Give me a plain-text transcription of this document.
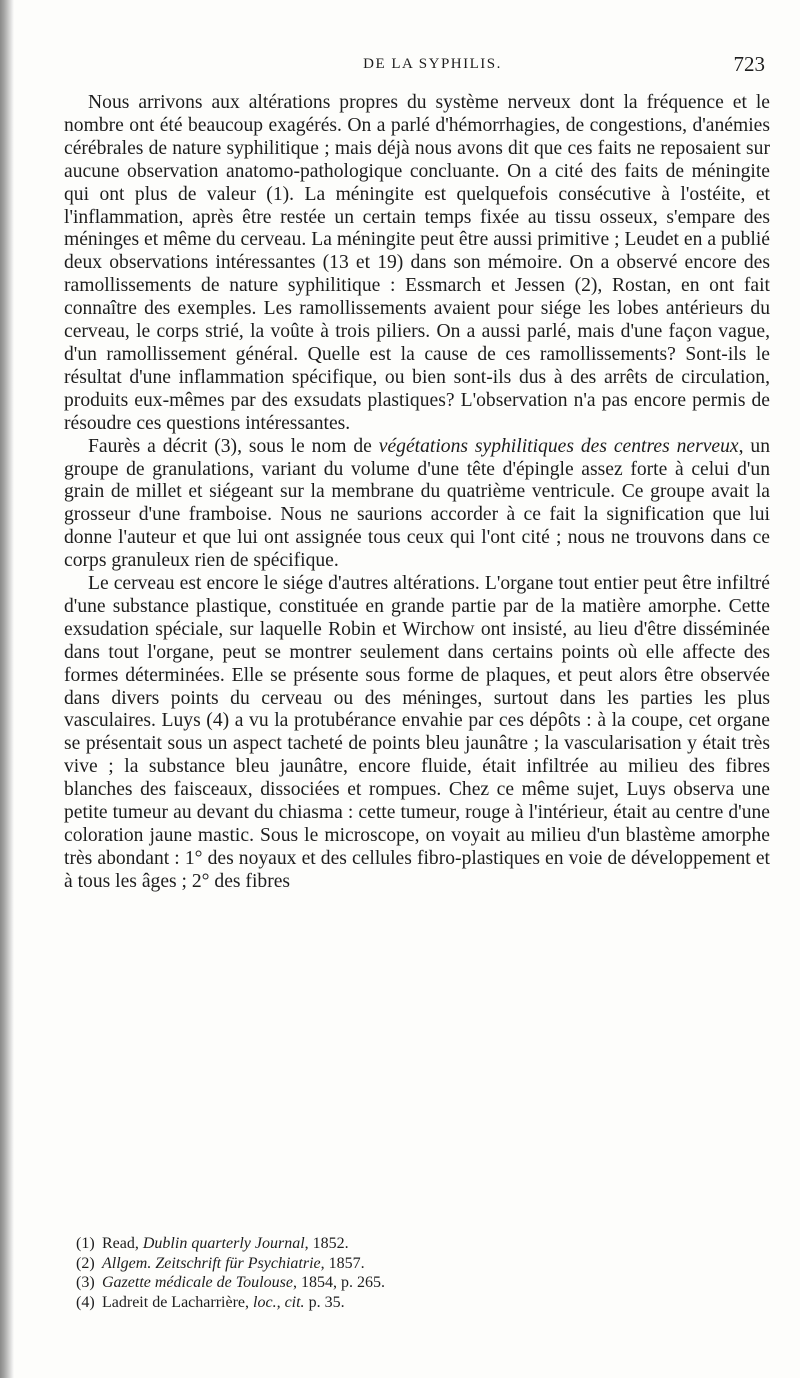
DE LA SYPHILIS.	723

Nous arrivons aux altérations propres du système nerveux dont la fréquence et le nombre ont été beaucoup exagérés. On a parlé d'hémorrhagies, de congestions, d'anémies cérébrales de nature syphilitique ; mais déjà nous avons dit que ces faits ne reposaient sur aucune observation anatomo-pathologique concluante. On a cité des faits de méningite qui ont plus de valeur (1). La méningite est quelquefois consécutive à l'ostéite, et l'inflammation, après être restée un certain temps fixée au tissu osseux, s'empare des méninges et même du cerveau. La méningite peut être aussi primitive ; Leudet en a publié deux observations intéressantes (13 et 19) dans son mémoire. On a observé encore des ramollissements de nature syphilitique : Essmarch et Jessen (2), Rostan, en ont fait connaître des exemples. Les ramollissements avaient pour siége les lobes antérieurs du cerveau, le corps strié, la voûte à trois piliers. On a aussi parlé, mais d'une façon vague, d'un ramollissement général. Quelle est la cause de ces ramollissements? Sont-ils le résultat d'une inflammation spécifique, ou bien sont-ils dus à des arrêts de circulation, produits eux-mêmes par des exsudats plastiques? L'observation n'a pas encore permis de résoudre ces questions intéressantes.

Faurès a décrit (3), sous le nom de végétations syphilitiques des centres nerveux, un groupe de granulations, variant du volume d'une tête d'épingle assez forte à celui d'un grain de millet et siégeant sur la membrane du quatrième ventricule. Ce groupe avait la grosseur d'une framboise. Nous ne saurions accorder à ce fait la signification que lui donne l'auteur et que lui ont assignée tous ceux qui l'ont cité ; nous ne trouvons dans ce corps granuleux rien de spécifique.

Le cerveau est encore le siége d'autres altérations. L'organe tout entier peut être infiltré d'une substance plastique, constituée en grande partie par de la matière amorphe. Cette exsudation spéciale, sur laquelle Robin et Wirchow ont insisté, au lieu d'être disséminée dans tout l'organe, peut se montrer seulement dans certains points où elle affecte des formes déterminées. Elle se présente sous forme de plaques, et peut alors être observée dans divers points du cerveau ou des méninges, surtout dans les parties les plus vasculaires. Luys (4) a vu la protubérance envahie par ces dépôts : à la coupe, cet organe se présentait sous un aspect tacheté de points bleu jaunâtre ; la vascularisation y était très vive ; la substance bleu jaunâtre, encore fluide, était infiltrée au milieu des fibres blanches des faisceaux, dissociées et rompues. Chez ce même sujet, Luys observa une petite tumeur au devant du chiasma : cette tumeur, rouge à l'intérieur, était au centre d'une coloration jaune mastic. Sous le microscope, on voyait au milieu d'un blastème amorphe très abondant : 1° des noyaux et des cellules fibro-plastiques en voie de développement et à tous les âges ; 2° des fibres

(1) Read, Dublin quarterly Journal, 1852.
(2) Allgem. Zeitschrift für Psychiatrie, 1857.
(3) Gazette médicale de Toulouse, 1854, p. 265.
(4) Ladreit de Lacharrière, loc., cit. p. 35.
